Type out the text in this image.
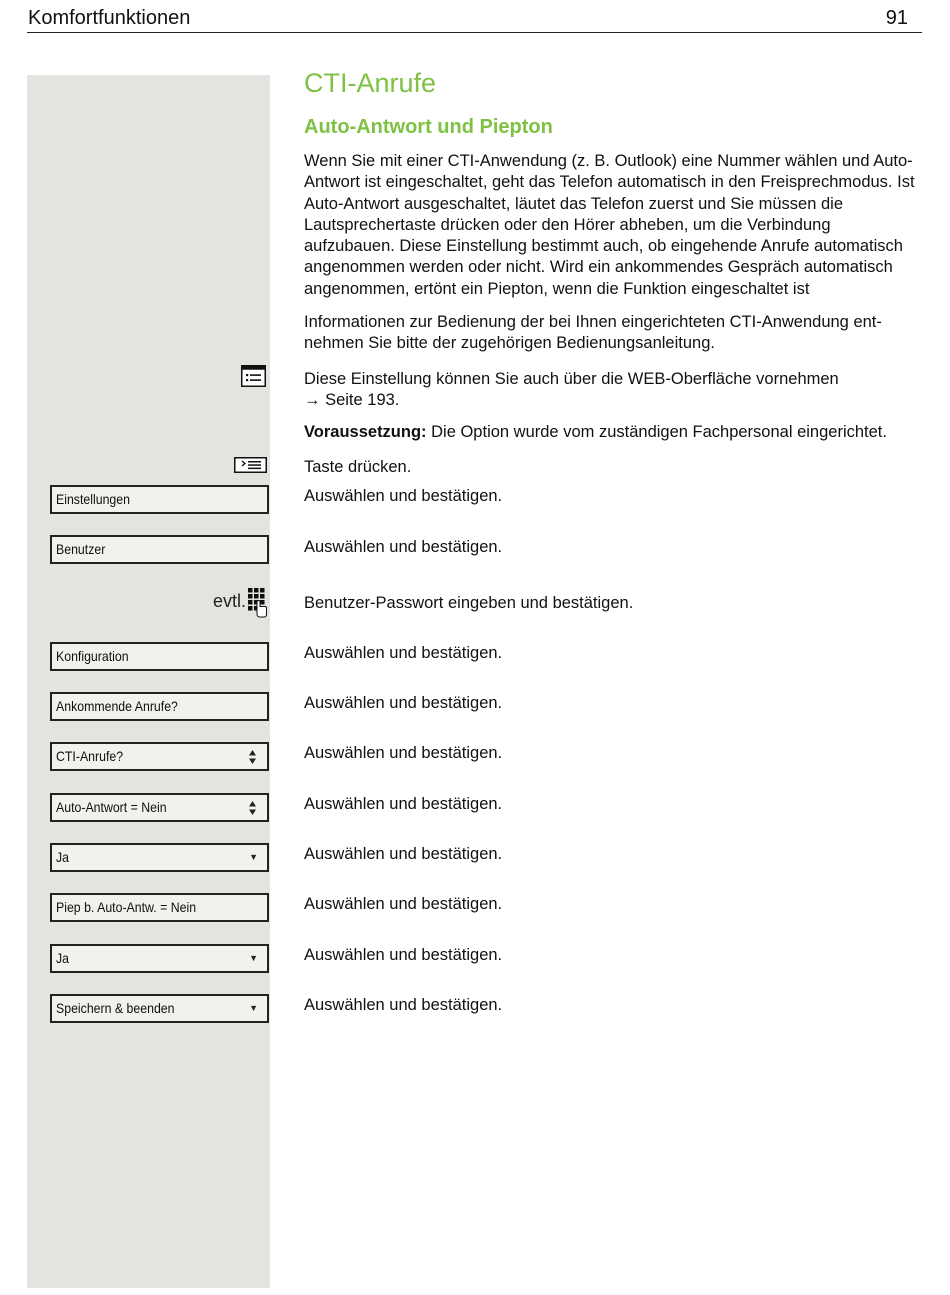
Komfortfunktionen	91
CTI-Anrufe
Auto-Antwort und Piepton
Wenn Sie mit einer CTI-Anwendung (z. B. Outlook) eine Nummer wählen und Auto-Antwort ist eingeschaltet, geht das Telefon automatisch in den Freisprechmodus. Ist Auto-Antwort ausgeschaltet, läutet das Telefon zuerst und Sie müssen die Lautsprechertaste drücken oder den Hörer abheben, um die Verbindung aufzubauen. Diese Einstellung bestimmt auch, ob eingehende Anrufe automatisch angenommen werden oder nicht. Wird ein ankommendes Gespräch automatisch angenommen, ertönt ein Piepton, wenn die Funktion eingeschaltet ist
Informationen zur Bedienung der bei Ihnen eingerichteten CTI-Anwendung entnehmen Sie bitte der zugehörigen Bedienungsanleitung.
Diese Einstellung können Sie auch über die WEB-Oberfläche vornehmen
→ Seite 193.
Voraussetzung: Die Option wurde vom zuständigen Fachpersonal eingerichtet.
Taste drücken.
Einstellungen	Auswählen und bestätigen.
Benutzer	Auswählen und bestätigen.
evtl.	Benutzer-Passwort eingeben und bestätigen.
Konfiguration	Auswählen und bestätigen.
Ankommende Anrufe?	Auswählen und bestätigen.
CTI-Anrufe?	Auswählen und bestätigen.
Auto-Antwort = Nein	Auswählen und bestätigen.
Ja	▼	Auswählen und bestätigen.
Piep b. Auto-Antw. = Nein	Auswählen und bestätigen.
Ja	▼	Auswählen und bestätigen.
Speichern & beenden	▼	Auswählen und bestätigen.
